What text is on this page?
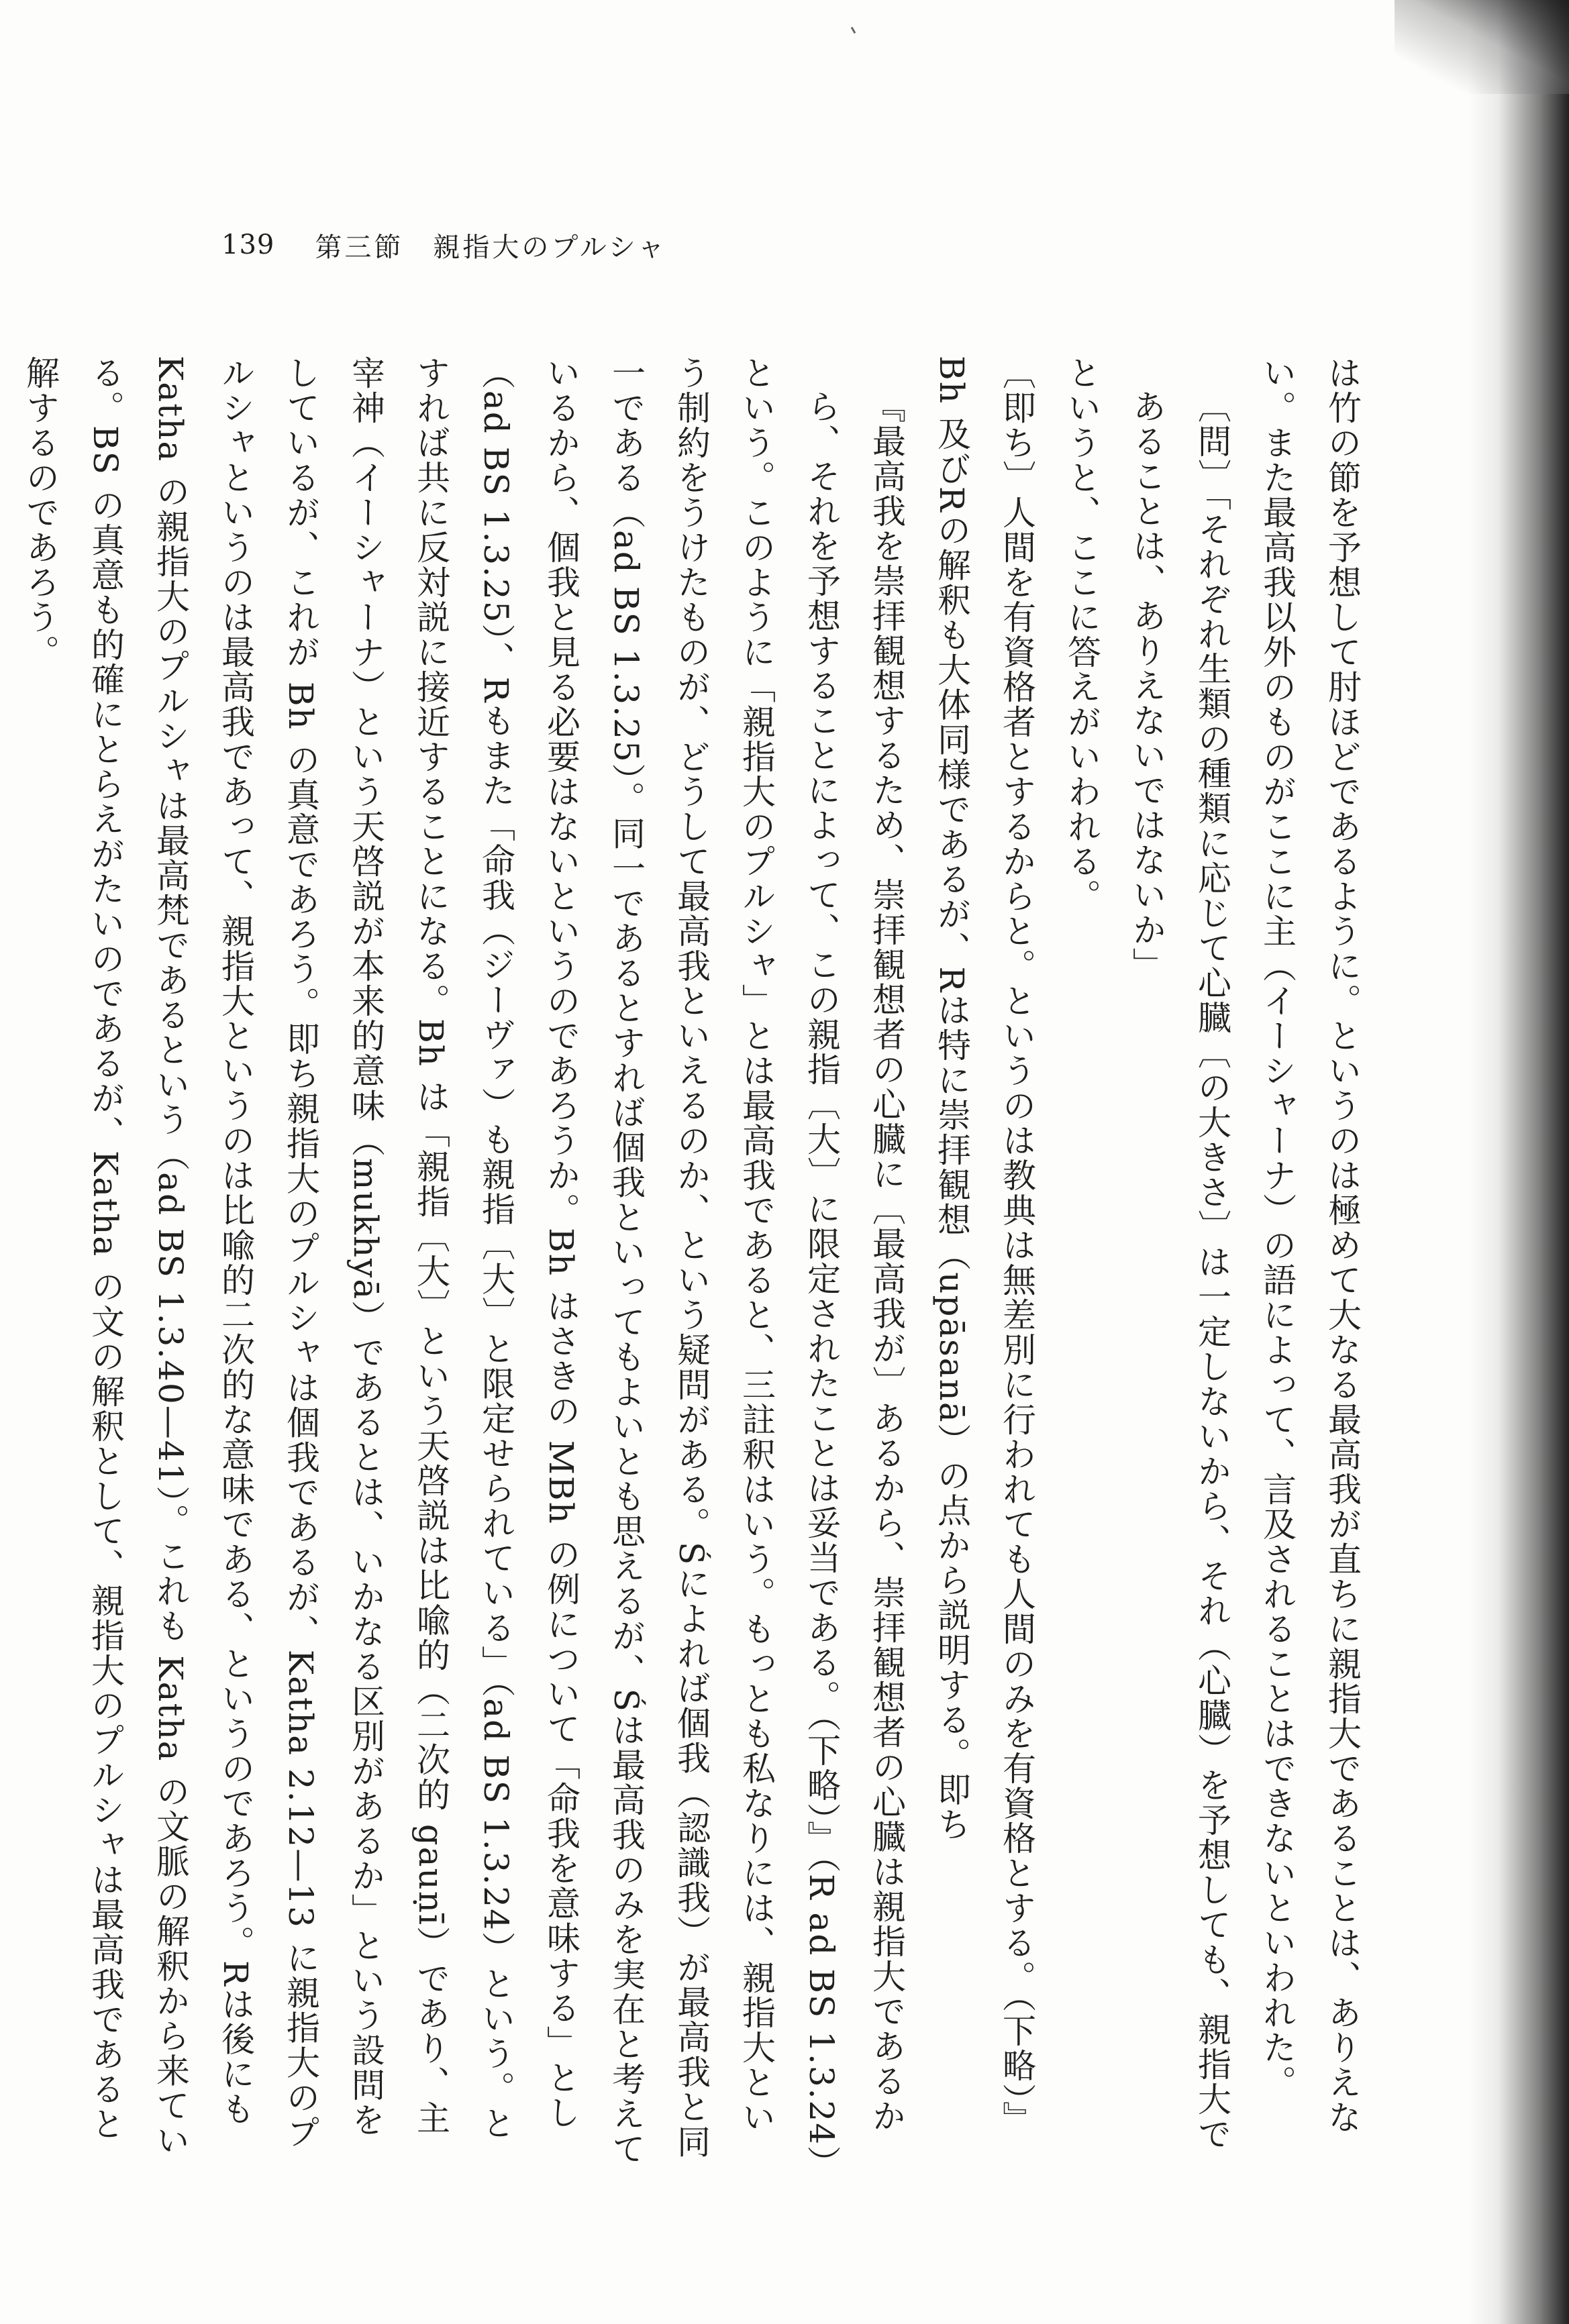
139 第三節　親指大のプルシャ

は竹の節を予想して肘ほどであるように。というのは極めて大なる最高我が直ちに親指大であることは、ありえない。また最高我以外のものがここに主（イーシャーナ）の語によって、言及されることはできないといわれた。

〔問〕「それぞれ生類の種類に応じて心臓〔の大きさ〕は一定しないから、それ（心臓）を予想しても、親指大であることは、ありえないではないか」

というと、ここに答えがいわれる。

〔即ち〕人間を有資格者とするからと。というのは教典は無差別に行われても人間のみを有資格とする。（下略）』

Bh 及びRの解釈も大体同様であるが、Rは特に崇拝観想（upāsanā）の点から説明する。即ち

『最高我を崇拝観想するため、崇拝観想者の心臓に〔最高我が〕あるから、崇拝観想者の心臓は親指大であるから、それを予想することによって、この親指〔大〕に限定されたことは妥当である。（下略）』（R ad BS 1.3.24）

という。このように「親指大のプルシャ」とは最高我であると、三註釈はいう。もっとも私なりには、親指大という制約をうけたものが、どうして最高我といえるのか、という疑問がある。Śによれば個我（認識我）が最高我と同一である（ad BS 1.3.25）。同一であるとすれば個我といってもよいとも思えるが、Śは最高我のみを実在と考えているから、個我と見る必要はないというのであろうか。Bh はさきの MBh の例について「命我を意味する」とし（ad BS 1.3.25）、Rもまた「命我（ジーヴァ）も親指〔大〕と限定せられている」（ad BS 1.3.24）という。とすれば共に反対説に接近することになる。Bh は「親指〔大〕という天啓説は比喩的（二次的 gauṇī）であり、主宰神（イーシャーナ）という天啓説が本来的意味（mukhyā）であるとは、いかなる区別があるか」という設問をしているが、これが Bh の真意であろう。即ち親指大のプルシャは個我であるが、Katha 2.12—13 に親指大のプルシャというのは最高我であって、親指大というのは比喩的二次的な意味である、というのであろう。Rは後にも Katha の親指大のプルシャは最高梵であるという（ad BS 1.3.40—41）。これも Katha の文脈の解釈から来ている。BS の真意も的確にとらえがたいのであるが、Katha の文の解釈として、親指大のプルシャは最高我であると解するのであろう。
